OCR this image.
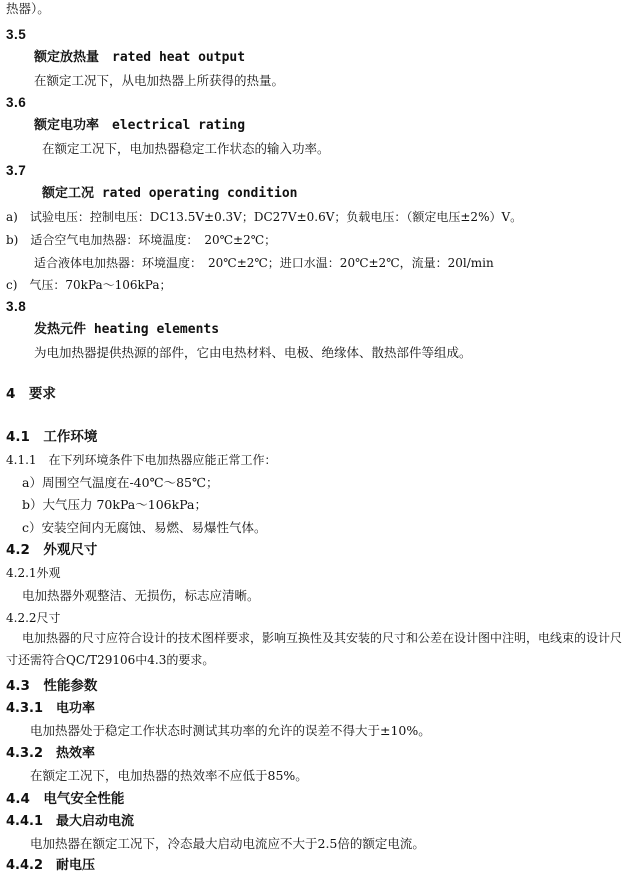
热器）。
3.5
额定放热量　rated heat output
在额定工况下，从电加热器上所获得的热量。
3.6
额定电功率　electrical rating
在额定工况下，电加热器稳定工作状态的输入功率。
3.7
额定工况 rated operating condition
a)　试验电压：控制电压：DC13.5V±0.3V；DC27V±0.6V；负载电压：（额定电压±2%）V。
b)　适合空气电加热器：环境温度：　20℃±2℃；
适合液体电加热器：环境温度：　20℃±2℃；进口水温：20℃±2℃，流量：20l/min
c)　气压：70kPa～106kPa；
3.8
发热元件 heating elements
为电加热器提供热源的部件，它由电热材料、电极、绝缘体、散热部件等组成。
4　要求
4.1　工作环境
4.1.1　在下列环境条件下电加热器应能正常工作：
a）周围空气温度在-40℃～85℃；
b）大气压力 70kPa～106kPa；
c）安装空间内无腐蚀、易燃、易爆性气体。
4.2　外观尺寸
4.2.1外观
电加热器外观整洁、无损伤，标志应清晰。
4.2.2尺寸
电加热器的尺寸应符合设计的技术图样要求，影响互换性及其安装的尺寸和公差在设计图中注明，电线束的设计尺寸还需符合QC/T29106中4.3的要求。
4.3　性能参数
4.3.1　电功率
电加热器处于稳定工作状态时测试其功率的允许的误差不得大于±10%。
4.3.2　热效率
在额定工况下，电加热器的热效率不应低于85%。
4.4　电气安全性能
4.4.1　最大启动电流
电加热器在额定工况下，冷态最大启动电流应不大于2.5倍的额定电流。
4.4.2　耐电压
